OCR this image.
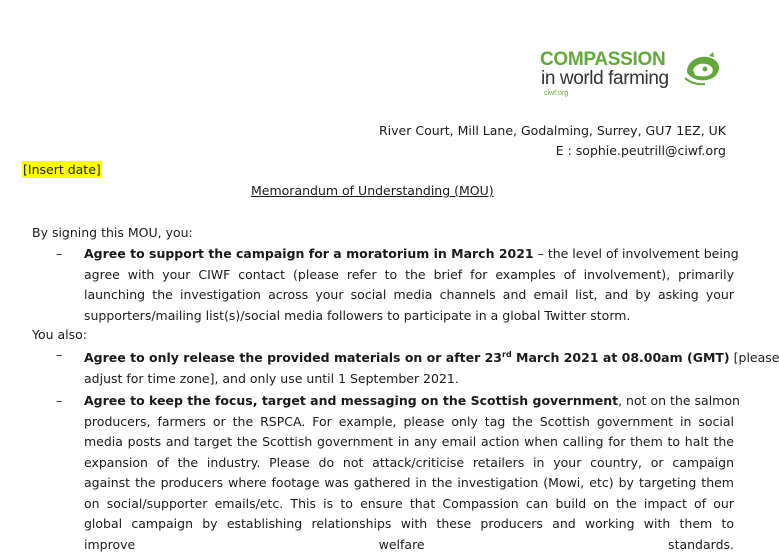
COMPASSION
in world farming
ciwf.org
River Court, Mill Lane, Godalming, Surrey, GU7 1EZ, UK
E : sophie.peutrill@ciwf.org
[Insert date]
Memorandum of Understanding (MOU)
By signing this MOU, you:
– Agree to support the campaign for a moratorium in March 2021 – the level of involvement being
agree with your CIWF contact (please refer to the brief for examples of involvement), primarily
launching the investigation across your social media channels and email list, and by asking your
supporters/mailing list(s)/social media followers to participate in a global Twitter storm.
You also:
– Agree to only release the provided materials on or after 23rd March 2021 at 08.00am (GMT) [please
adjust for time zone], and only use until 1 September 2021.
– Agree to keep the focus, target and messaging on the Scottish government, not on the salmon
producers, farmers or the RSPCA. For example, please only tag the Scottish government in social
media posts and target the Scottish government in any email action when calling for them to halt the
expansion of the industry. Please do not attack/criticise retailers in your country, or campaign
against the producers where footage was gathered in the investigation (Mowi, etc) by targeting them
on social/supporter emails/etc. This is to ensure that Compassion can build on the impact of our
global campaign by establishing relationships with these producers and working with them to
improve                                          welfare                                          standards.
